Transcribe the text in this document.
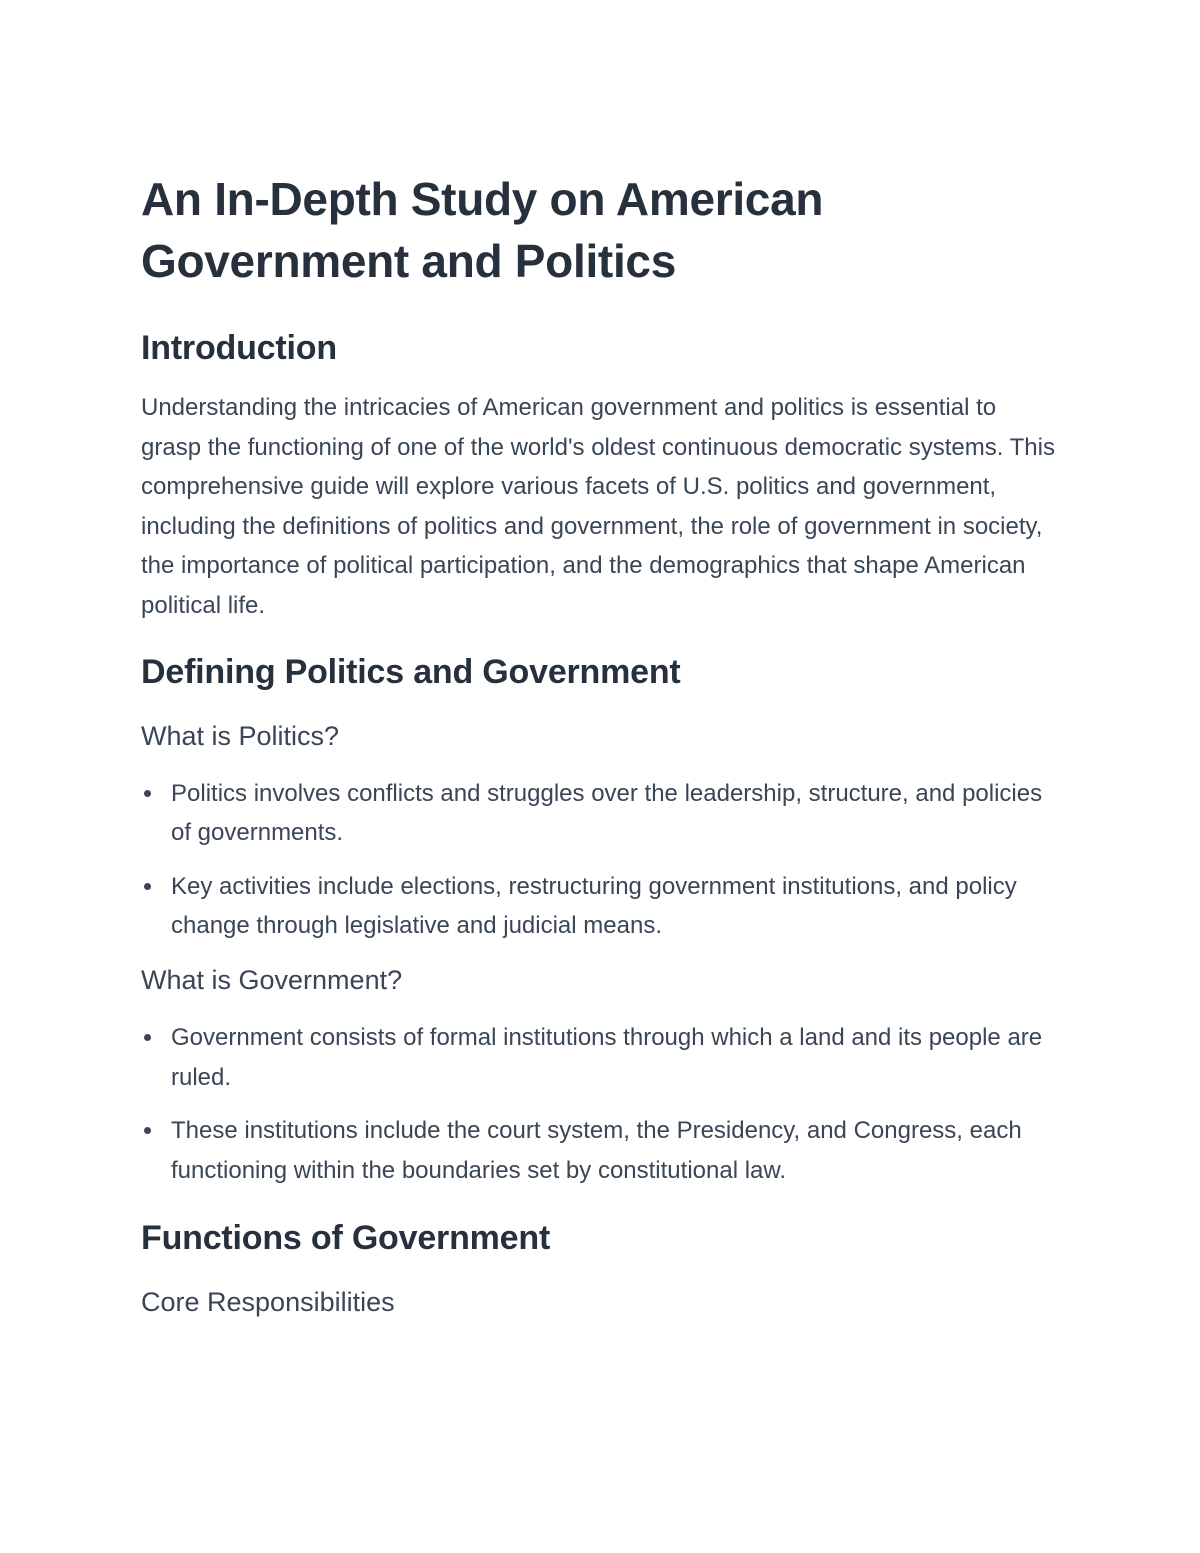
An In-Depth Study on American Government and Politics
Introduction

Understanding the intricacies of American government and politics is essential to grasp the functioning of one of the world's oldest continuous democratic systems. This comprehensive guide will explore various facets of U.S. politics and government, including the definitions of politics and government, the role of government in society, the importance of political participation, and the demographics that shape American political life.

Defining Politics and Government
What is Politics?
Politics involves conflicts and struggles over the leadership, structure, and policies of governments.
Key activities include elections, restructuring government institutions, and policy change through legislative and judicial means.
What is Government?
Government consists of formal institutions through which a land and its people are ruled.
These institutions include the court system, the Presidency, and Congress, each functioning within the boundaries set by constitutional law.
Functions of Government
Core Responsibilities
